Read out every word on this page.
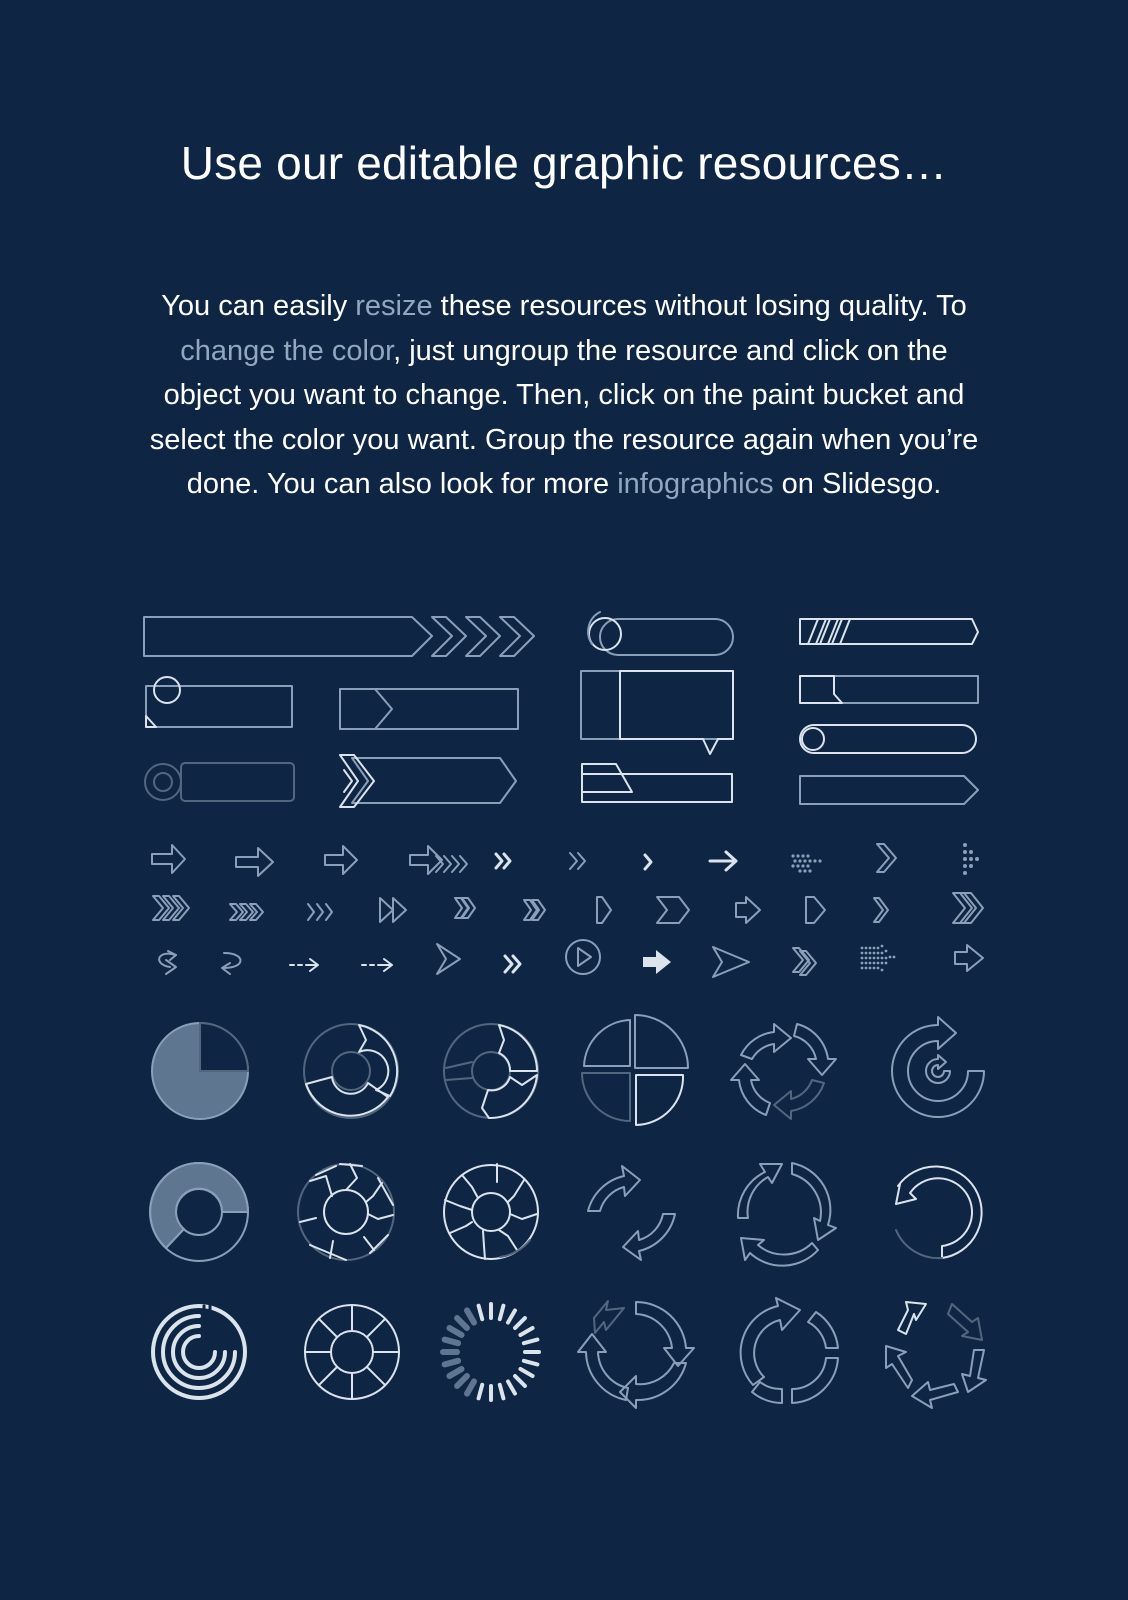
Use our editable graphic resources…

You can easily resize these resources without losing quality. To change the color, just ungroup the resource and click on the object you want to change. Then, click on the paint bucket and select the color you want. Group the resource again when you’re done. You can also look for more infographics on Slidesgo.
